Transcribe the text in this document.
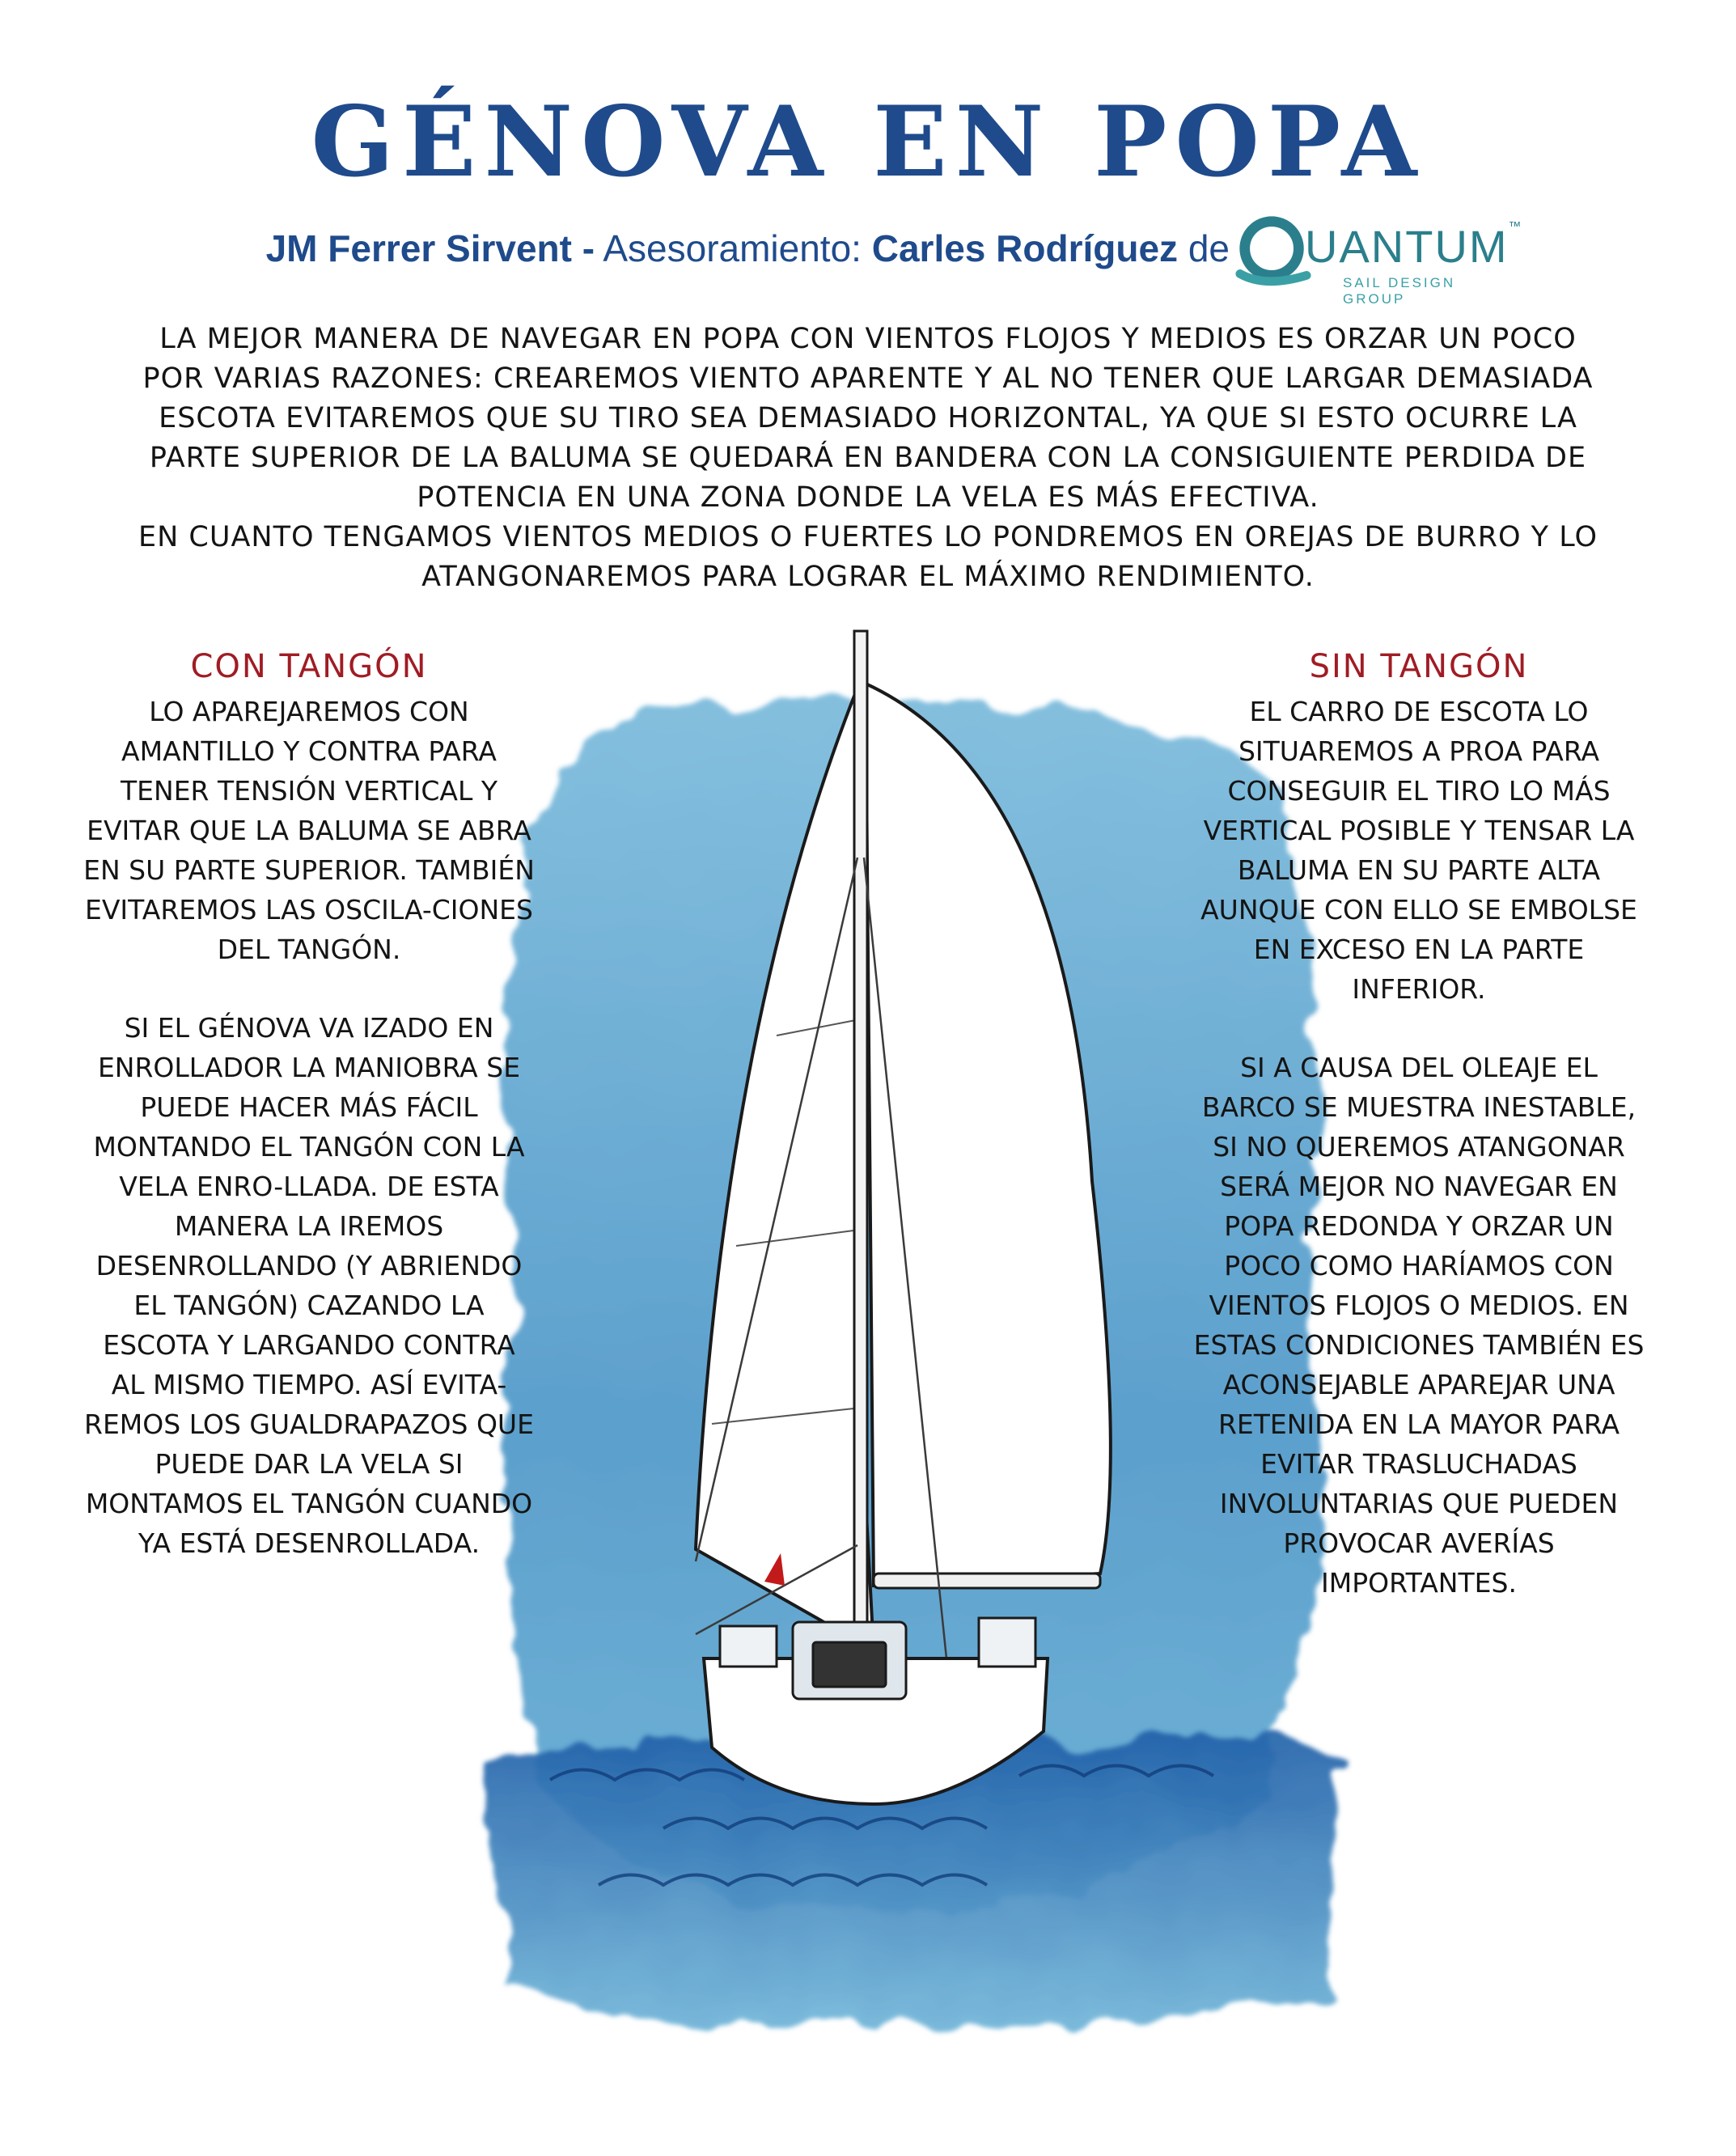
GÉNOVA EN POPA
JM Ferrer Sirvent - Asesoramiento: Carles Rodríguez de UANTUM™
SAIL DESIGN GROUP

LA MEJOR MANERA DE NAVEGAR EN POPA CON VIENTOS FLOJOS Y MEDIOS ES ORZAR UN POCO POR VARIAS RAZONES: CREAREMOS VIENTO APARENTE Y AL NO TENER QUE LARGAR DEMASIADA ESCOTA EVITAREMOS QUE SU TIRO SEA DEMASIADO HORIZONTAL, YA QUE SI ESTO OCURRE LA PARTE SUPERIOR DE LA BALUMA SE QUEDARÁ EN BANDERA CON LA CONSIGUIENTE PERDIDA DE POTENCIA EN UNA ZONA DONDE LA VELA ES MÁS EFECTIVA.

EN CUANTO TENGAMOS VIENTOS MEDIOS O FUERTES LO PONDREMOS EN OREJAS DE BURRO Y LO ATANGONAREMOS PARA LOGRAR EL MÁXIMO RENDIMIENTO.

CON TANGÓN

LO APAREJAREMOS CON AMANTILLO Y CONTRA PARA TENER TENSIÓN VERTICAL Y EVITAR QUE LA BALUMA SE ABRA EN SU PARTE SUPERIOR. TAMBIÉN EVITAREMOS LAS OSCILA-CIONES DEL TANGÓN.

SI EL GÉNOVA VA IZADO EN ENROLLADOR LA MANIOBRA SE PUEDE HACER MÁS FÁCIL MONTANDO EL TANGÓN CON LA VELA ENRO-LLADA. DE ESTA MANERA LA IREMOS DESENROLLANDO (Y ABRIENDO EL TANGÓN) CAZANDO LA ESCOTA Y LARGANDO CONTRA AL MISMO TIEMPO. ASÍ EVITA-REMOS LOS GUALDRAPAZOS QUE PUEDE DAR LA VELA SI MONTAMOS EL TANGÓN CUANDO YA ESTÁ DESENROLLADA.

SIN TANGÓN

EL CARRO DE ESCOTA LO SITUAREMOS A PROA PARA CONSEGUIR EL TIRO LO MÁS VERTICAL POSIBLE Y TENSAR LA BALUMA EN SU PARTE ALTA AUNQUE CON ELLO SE EMBOLSE EN EXCESO EN LA PARTE INFERIOR.

SI A CAUSA DEL OLEAJE EL BARCO SE MUESTRA INESTABLE, SI NO QUEREMOS ATANGONAR SERÁ MEJOR NO NAVEGAR EN POPA REDONDA Y ORZAR UN POCO COMO HARÍAMOS CON VIENTOS FLOJOS O MEDIOS. EN ESTAS CONDICIONES TAMBIÉN ES ACONSEJABLE APAREJAR UNA RETENIDA EN LA MAYOR PARA EVITAR TRASLUCHADAS INVOLUNTARIAS QUE PUEDEN PROVOCAR AVERÍAS IMPORTANTES.
